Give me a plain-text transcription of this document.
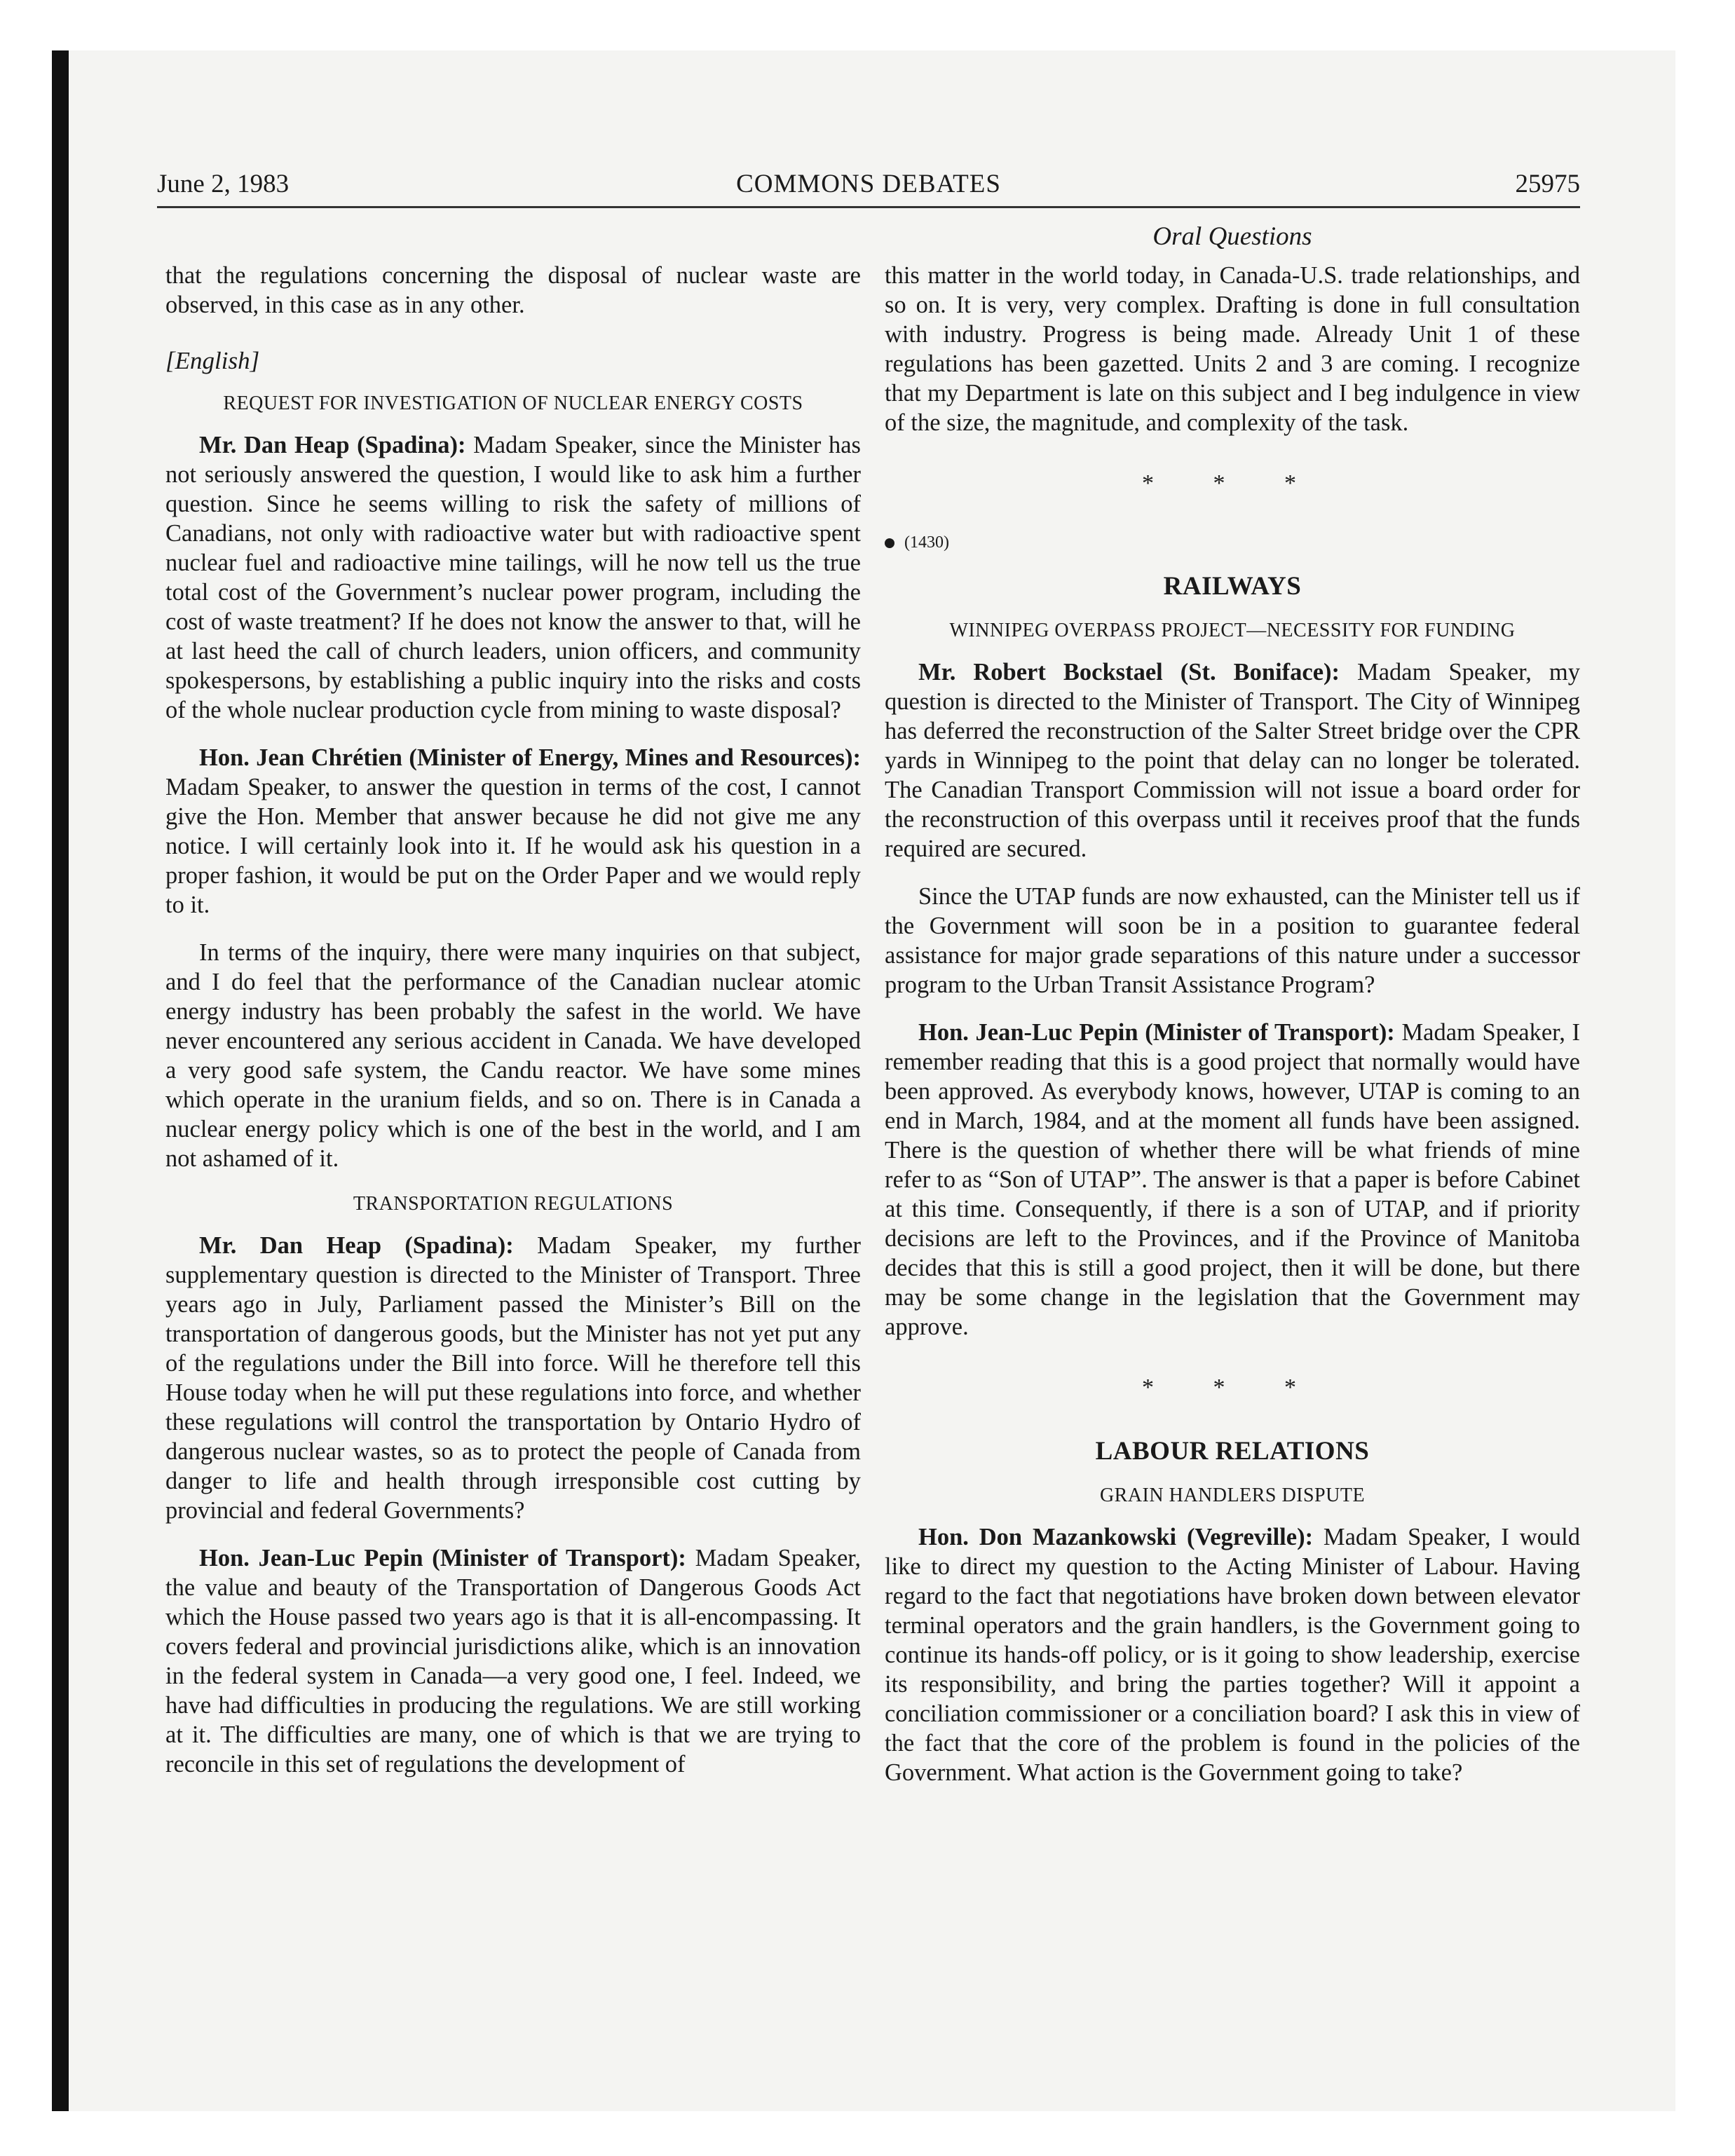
June 2, 1983	COMMONS DEBATES	25975
Oral Questions

that the regulations concerning the disposal of nuclear waste are observed, in this case as in any other.

[English]
REQUEST FOR INVESTIGATION OF NUCLEAR ENERGY COSTS

Mr. Dan Heap (Spadina): Madam Speaker, since the Minister has not seriously answered the question, I would like to ask him a further question. Since he seems willing to risk the safety of millions of Canadians, not only with radioactive water but with radioactive spent nuclear fuel and radioactive mine tailings, will he now tell us the true total cost of the Government’s nuclear power program, including the cost of waste treatment? If he does not know the answer to that, will he at last heed the call of church leaders, union officers, and community spokespersons, by establishing a public inquiry into the risks and costs of the whole nuclear production cycle from mining to waste disposal?

Hon. Jean Chrétien (Minister of Energy, Mines and Resources): Madam Speaker, to answer the question in terms of the cost, I cannot give the Hon. Member that answer because he did not give me any notice. I will certainly look into it. If he would ask his question in a proper fashion, it would be put on the Order Paper and we would reply to it.

In terms of the inquiry, there were many inquiries on that subject, and I do feel that the performance of the Canadian nuclear atomic energy industry has been probably the safest in the world. We have never encountered any serious accident in Canada. We have developed a very good safe system, the Candu reactor. We have some mines which operate in the uranium fields, and so on. There is in Canada a nuclear energy policy which is one of the best in the world, and I am not ashamed of it.

TRANSPORTATION REGULATIONS

Mr. Dan Heap (Spadina): Madam Speaker, my further supplementary question is directed to the Minister of Transport. Three years ago in July, Parliament passed the Minister’s Bill on the transportation of dangerous goods, but the Minister has not yet put any of the regulations under the Bill into force. Will he therefore tell this House today when he will put these regulations into force, and whether these regulations will control the transportation by Ontario Hydro of dangerous nuclear wastes, so as to protect the people of Canada from danger to life and health through irresponsible cost cutting by provincial and federal Governments?

Hon. Jean-Luc Pepin (Minister of Transport): Madam Speaker, the value and beauty of the Transportation of Dangerous Goods Act which the House passed two years ago is that it is all-encompassing. It covers federal and provincial jurisdictions alike, which is an innovation in the federal system in Canada—a very good one, I feel. Indeed, we have had difficulties in producing the regulations. We are still working at it. The difficulties are many, one of which is that we are trying to reconcile in this set of regulations the development of

this matter in the world today, in Canada-U.S. trade relationships, and so on. It is very, very complex. Drafting is done in full consultation with industry. Progress is being made. Already Unit 1 of these regulations has been gazetted. Units 2 and 3 are coming. I recognize that my Department is late on this subject and I beg indulgence in view of the size, the magnitude, and complexity of the task.

* * *
(1430)
RAILWAYS
WINNIPEG OVERPASS PROJECT—NECESSITY FOR FUNDING

Mr. Robert Bockstael (St. Boniface): Madam Speaker, my question is directed to the Minister of Transport. The City of Winnipeg has deferred the reconstruction of the Salter Street bridge over the CPR yards in Winnipeg to the point that delay can no longer be tolerated. The Canadian Transport Commission will not issue a board order for the reconstruction of this overpass until it receives proof that the funds required are secured.

Since the UTAP funds are now exhausted, can the Minister tell us if the Government will soon be in a position to guarantee federal assistance for major grade separations of this nature under a successor program to the Urban Transit Assistance Program?

Hon. Jean-Luc Pepin (Minister of Transport): Madam Speaker, I remember reading that this is a good project that normally would have been approved. As everybody knows, however, UTAP is coming to an end in March, 1984, and at the moment all funds have been assigned. There is the question of whether there will be what friends of mine refer to as “Son of UTAP”. The answer is that a paper is before Cabinet at this time. Consequently, if there is a son of UTAP, and if priority decisions are left to the Provinces, and if the Province of Manitoba decides that this is still a good project, then it will be done, but there may be some change in the legislation that the Government may approve.

* * *
LABOUR RELATIONS
GRAIN HANDLERS DISPUTE

Hon. Don Mazankowski (Vegreville): Madam Speaker, I would like to direct my question to the Acting Minister of Labour. Having regard to the fact that negotiations have broken down between elevator terminal operators and the grain handlers, is the Government going to continue its hands-off policy, or is it going to show leadership, exercise its responsibility, and bring the parties together? Will it appoint a conciliation commissioner or a conciliation board? I ask this in view of the fact that the core of the problem is found in the policies of the Government. What action is the Government going to take?
